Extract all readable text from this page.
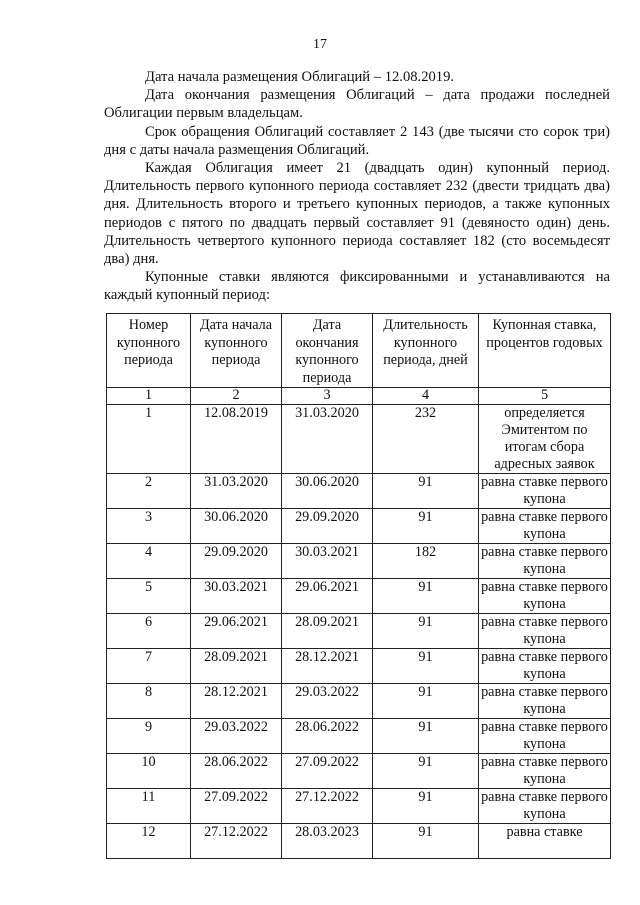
17

Дата начала размещения Облигаций – 12.08.2019.

Дата окончания размещения Облигаций – дата продажи последней Облигации первым владельцам.

Срок обращения Облигаций составляет 2 143 (две тысячи сто сорок три) дня с даты начала размещения Облигаций.

Каждая Облигация имеет 21 (двадцать один) купонный период. Длительность первого купонного периода составляет 232 (двести тридцать два) дня. Длительность второго и третьего купонных периодов, а также купонных периодов с пятого по двадцать первый составляет 91 (девяносто один) день. Длительность четвертого купонного периода составляет 182 (сто восемьдесят два) дня.

Купонные ставки являются фиксированными и устанавливаются на каждый купонный период:

Номер купонного периода	Дата начала купонного периода	Дата окончания купонного периода	Длительность купонного периода, дней	Купонная ставка, процентов годовых
1	2	3	4	5
1	12.08.2019	31.03.2020	232	определяется Эмитентом по итогам сбора адресных заявок
2	31.03.2020	30.06.2020	91	равна ставке первого купона
3	30.06.2020	29.09.2020	91	равна ставке первого купона
4	29.09.2020	30.03.2021	182	равна ставке первого купона
5	30.03.2021	29.06.2021	91	равна ставке первого купона
6	29.06.2021	28.09.2021	91	равна ставке первого купона
7	28.09.2021	28.12.2021	91	равна ставке первого купона
8	28.12.2021	29.03.2022	91	равна ставке первого купона
9	29.03.2022	28.06.2022	91	равна ставке первого купона
10	28.06.2022	27.09.2022	91	равна ставке первого купона
11	27.09.2022	27.12.2022	91	равна ставке первого купона
12	27.12.2022	28.03.2023	91	равна ставке
